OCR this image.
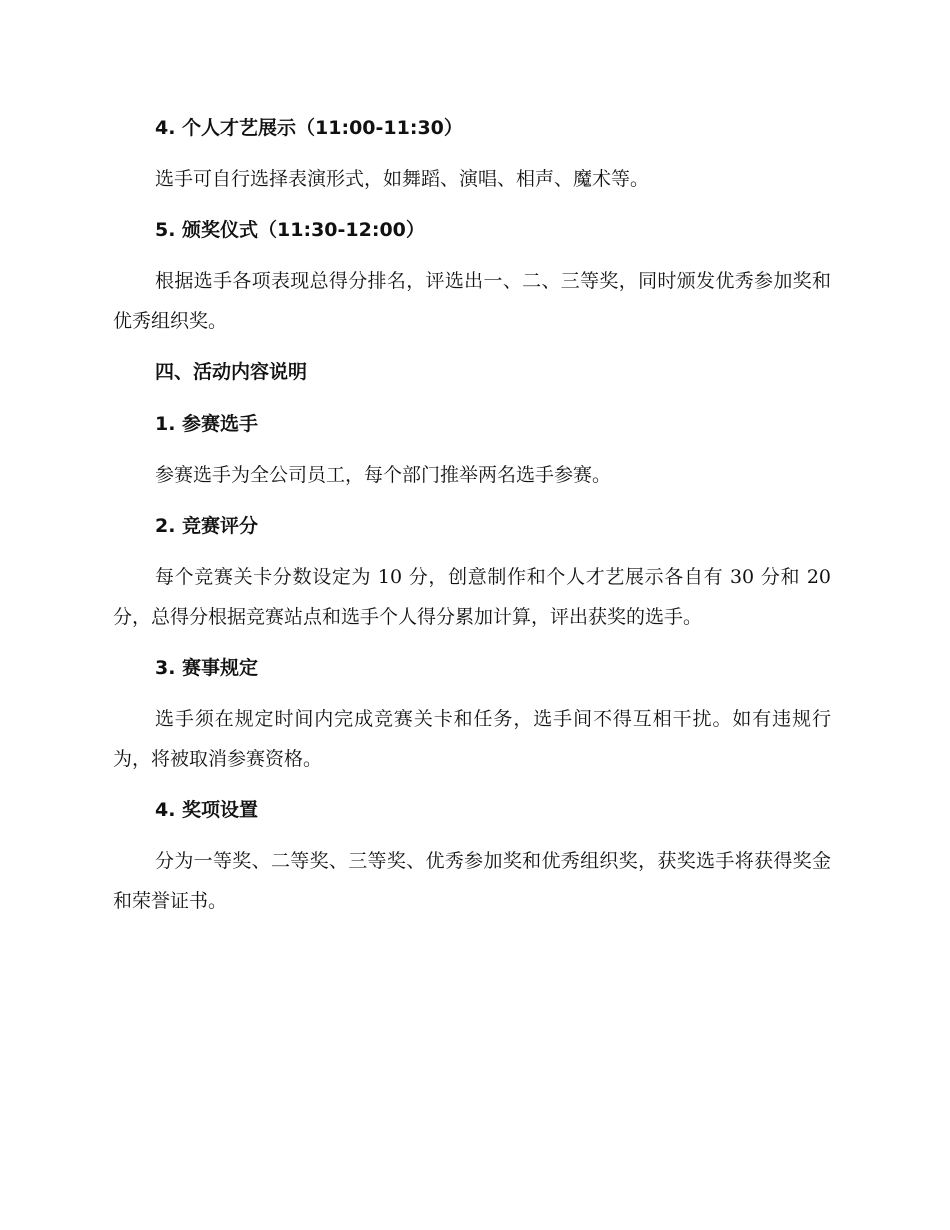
4. 个人才艺展示（11:00-11:30）
选手可自行选择表演形式，如舞蹈、演唱、相声、魔术等。
5. 颁奖仪式（11:30-12:00）
根据选手各项表现总得分排名，评选出一、二、三等奖，同时颁发优秀参加奖和优秀组织奖。
四、活动内容说明
1. 参赛选手
参赛选手为全公司员工，每个部门推举两名选手参赛。
2. 竞赛评分
每个竞赛关卡分数设定为 10 分，创意制作和个人才艺展示各自有 30 分和 20 分，总得分根据竞赛站点和选手个人得分累加计算，评出获奖的选手。
3. 赛事规定
选手须在规定时间内完成竞赛关卡和任务，选手间不得互相干扰。如有违规行为，将被取消参赛资格。
4. 奖项设置
分为一等奖、二等奖、三等奖、优秀参加奖和优秀组织奖，获奖选手将获得奖金和荣誉证书。
